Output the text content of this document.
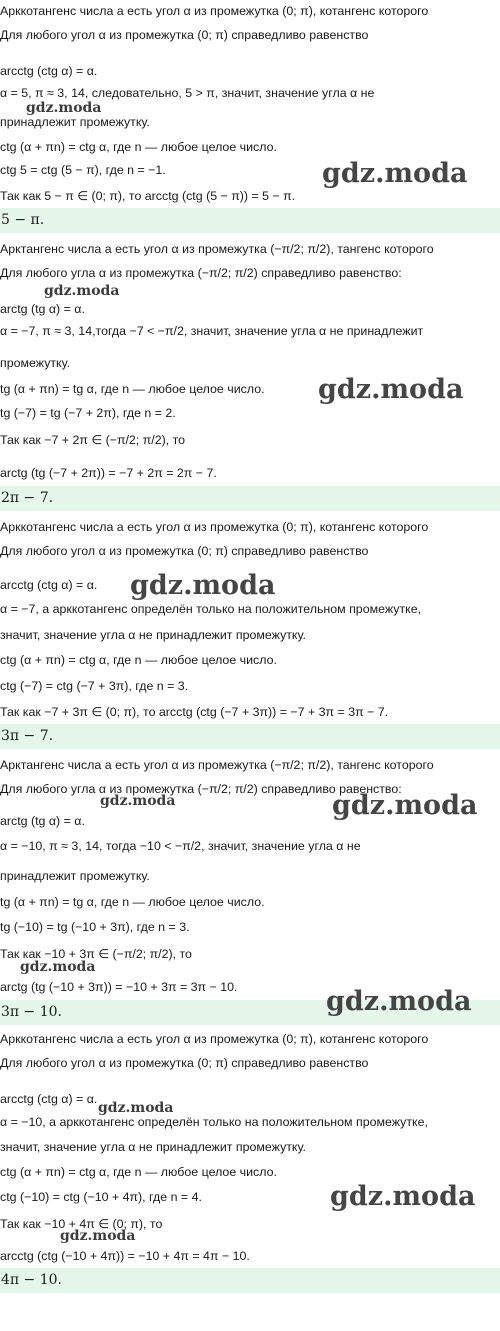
Арккотангенс числа a есть угол α из промежутка (0; π), котангенс которого
Для любого угол α из промежутка (0; π) справедливо равенство
arcctg (ctg α) = α.
α = 5, π ≈ 3, 14, следовательно, 5 > π, значит, значение угла α не
принадлежит промежутку.
ctg (α + πn) = ctg α, где n — любое целое число.
ctg 5 = ctg (5 − π), где n = −1.
Так как 5 − π ∈ (0; π), то arcctg (ctg (5 − π)) = 5 − π.
5 − π.
Арктангенс числа a есть угол α из промежутка (−π/2; π/2), тангенс которого
Для любого угла α из промежутка (−π/2; π/2) справедливо равенство:
arctg (tg α) = α.
α = −7, π ≈ 3, 14,тогда −7 < −π/2, значит, значение угла α не принадлежит
промежутку.
tg (α + πn) = tg α, где n — любое целое число.
tg (−7) = tg (−7 + 2π), где n = 2.
Так как −7 + 2π ∈ (−π/2; π/2), то
arctg (tg (−7 + 2π)) = −7 + 2π = 2π − 7.
2π − 7.
Арккотангенс числа a есть угол α из промежутка (0; π), котангенс которого
Для любого угол α из промежутка (0; π) справедливо равенство
arcctg (ctg α) = α.
α = −7, а арккотангенс определён только на положительном промежутке,
значит, значение угла α не принадлежит промежутку.
ctg (α + πn) = ctg α, где n — любое целое число.
ctg (−7) = ctg (−7 + 3π), где n = 3.
Так как −7 + 3π ∈ (0; π), то arcctg (ctg (−7 + 3π)) = −7 + 3π = 3π − 7.
3π − 7.
Арктангенс числа a есть угол α из промежутка (−π/2; π/2), тангенс которого
Для любого угла α из промежутка (−π/2; π/2) справедливо равенство:
arctg (tg α) = α.
α = −10, π ≈ 3, 14, тогда −10 < −π/2, значит, значение угла α не
принадлежит промежутку.
tg (α + πn) = tg α, где n — любое целое число.
tg (−10) = tg (−10 + 3π), где n = 3.
Так как −10 + 3π ∈ (−π/2; π/2), то
arctg (tg (−10 + 3π)) = −10 + 3π = 3π − 10.
3π − 10.
Арккотангенс числа a есть угол α из промежутка (0; π), котангенс которого
Для любого угол α из промежутка (0; π) справедливо равенство
arcctg (ctg α) = α.
α = −10, а арккотангенс определён только на положительном промежутке,
значит, значение угла α не принадлежит промежутку.
ctg (α + πn) = ctg α, где n — любое целое число.
ctg (−10) = ctg (−10 + 4π), где n = 4.
Так как −10 + 4π ∈ (0; π), то
arcctg (ctg (−10 + 4π)) = −10 + 4π = 4π − 10.
4π − 10.
gdz.moda
gdz.moda
gdz.moda
gdz.moda
gdz.moda
gdz.moda	gdz.moda
gdz.moda
gdz.moda
gdz.moda
gdz.moda
gdz.moda
